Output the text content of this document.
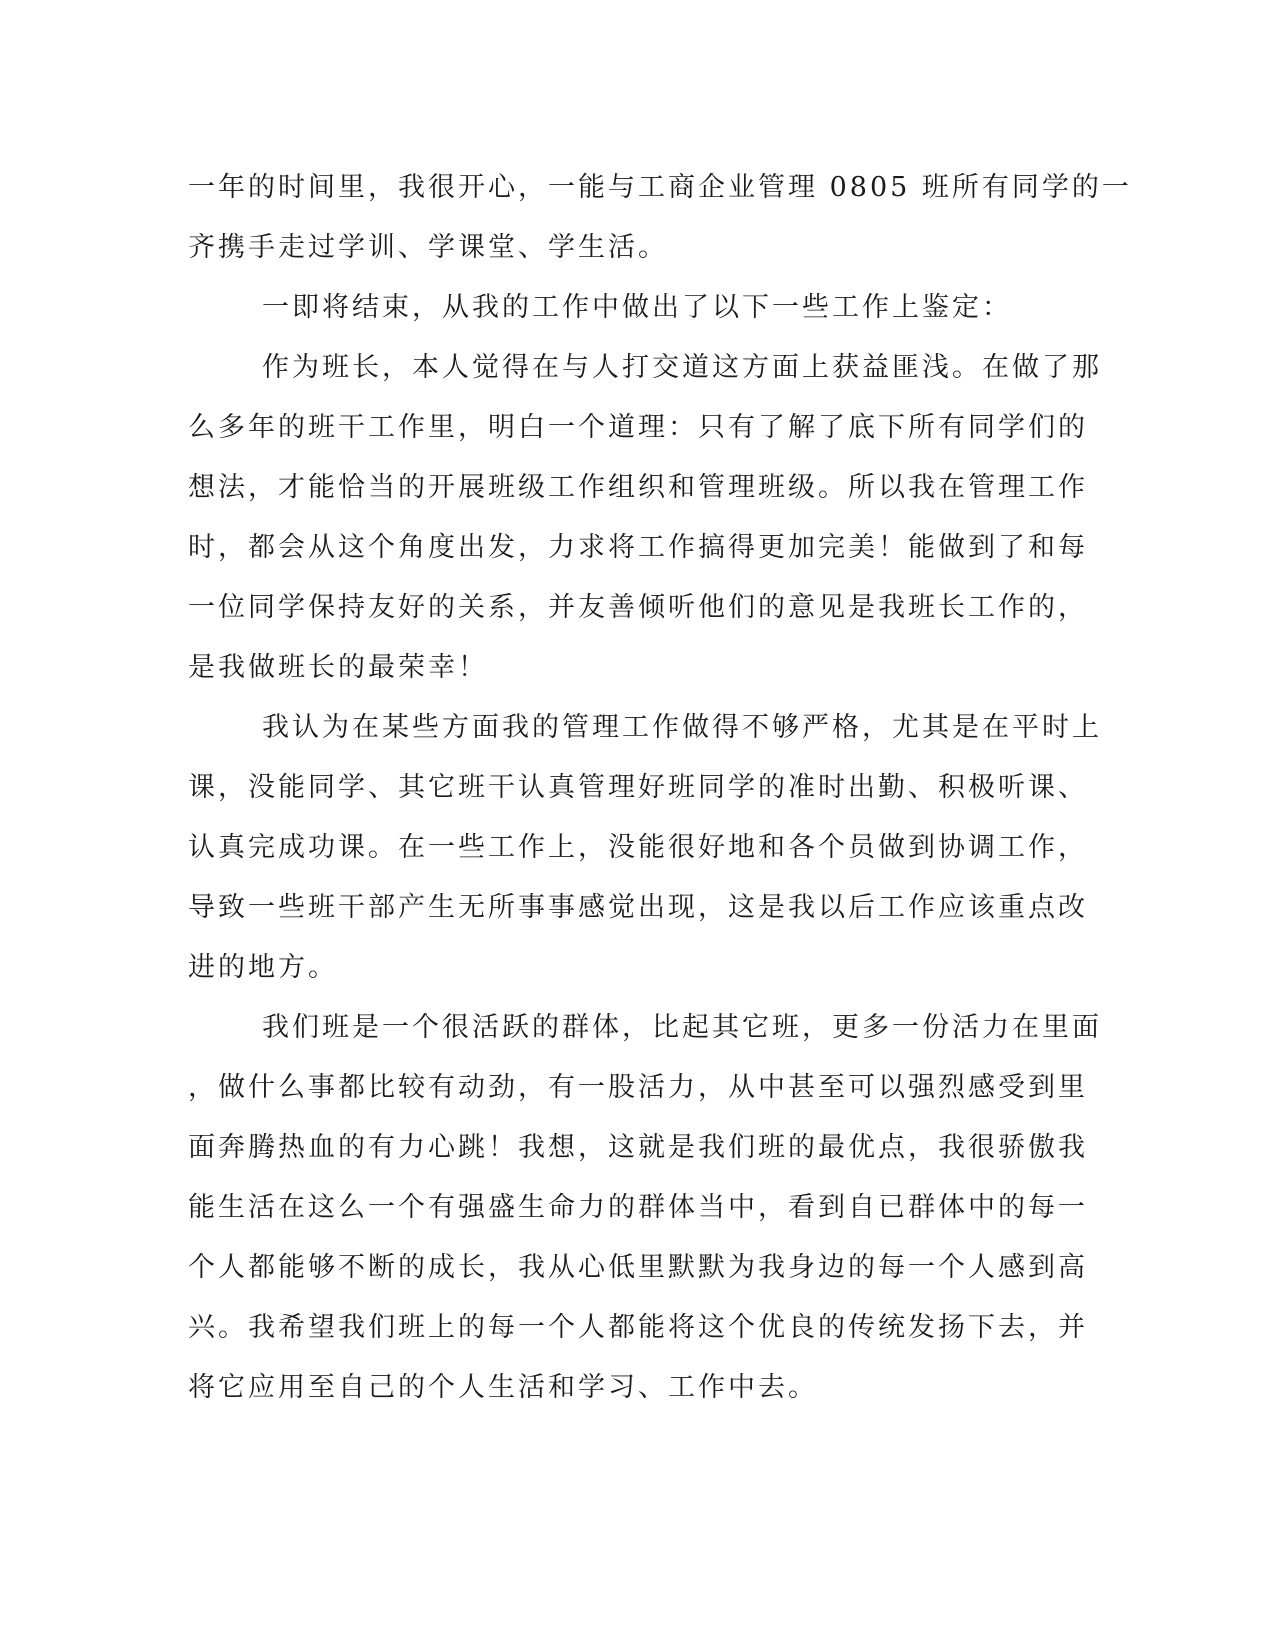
一年的时间里，我很开心，一能与工商企业管理 0805 班所有同学的一
齐携手走过学训、学课堂、学生活。
一即将结束，从我的工作中做出了以下一些工作上鉴定：
作为班长，本人觉得在与人打交道这方面上获益匪浅。在做了那
么多年的班干工作里，明白一个道理：只有了解了底下所有同学们的
想法，才能恰当的开展班级工作组织和管理班级。所以我在管理工作
时，都会从这个角度出发，力求将工作搞得更加完美！能做到了和每
一位同学保持友好的关系，并友善倾听他们的意见是我班长工作的，
是我做班长的最荣幸！
我认为在某些方面我的管理工作做得不够严格，尤其是在平时上
课，没能同学、其它班干认真管理好班同学的准时出勤、积极听课、
认真完成功课。在一些工作上，没能很好地和各个员做到协调工作，
导致一些班干部产生无所事事感觉出现，这是我以后工作应该重点改
进的地方。
我们班是一个很活跃的群体，比起其它班，更多一份活力在里面
，做什么事都比较有动劲，有一股活力，从中甚至可以强烈感受到里
面奔腾热血的有力心跳！我想，这就是我们班的最优点，我很骄傲我
能生活在这么一个有强盛生命力的群体当中，看到自已群体中的每一
个人都能够不断的成长，我从心低里默默为我身边的每一个人感到高
兴。我希望我们班上的每一个人都能将这个优良的传统发扬下去，并
将它应用至自己的个人生活和学习、工作中去。
